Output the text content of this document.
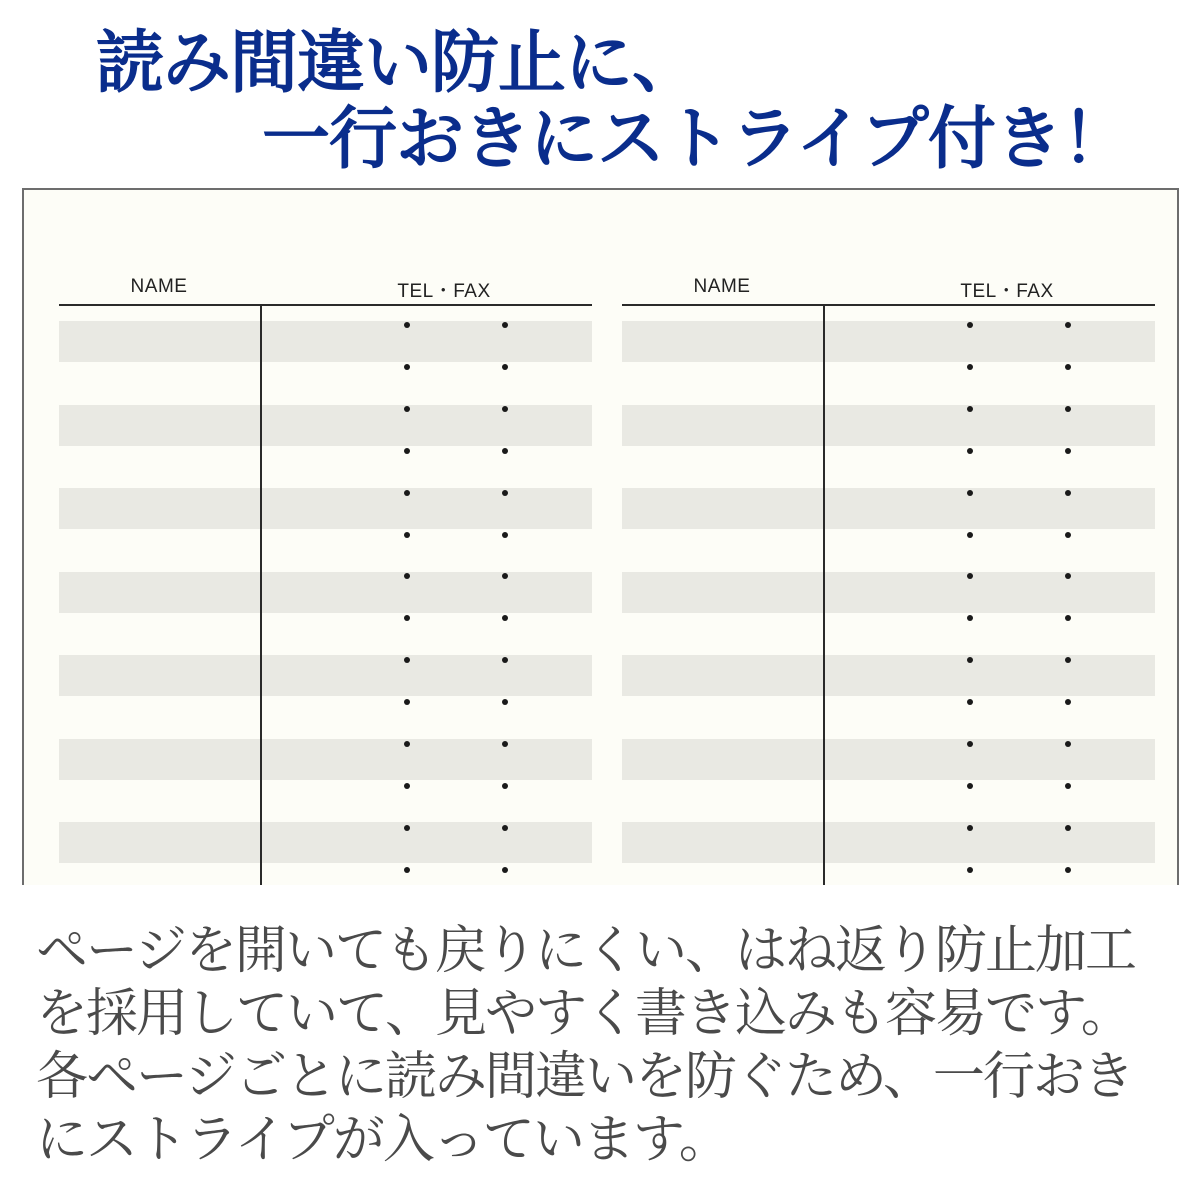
読み間違い防止に、
一行おきにストライプ付き！
NAME	TEL・FAX	NAME	TEL・FAX

ページを開いても戻りにくい、はね返り防止加工
を採用していて、見やすく書き込みも容易です。
各ページごとに読み間違いを防ぐため、一行おき
にストライプが入っています。
